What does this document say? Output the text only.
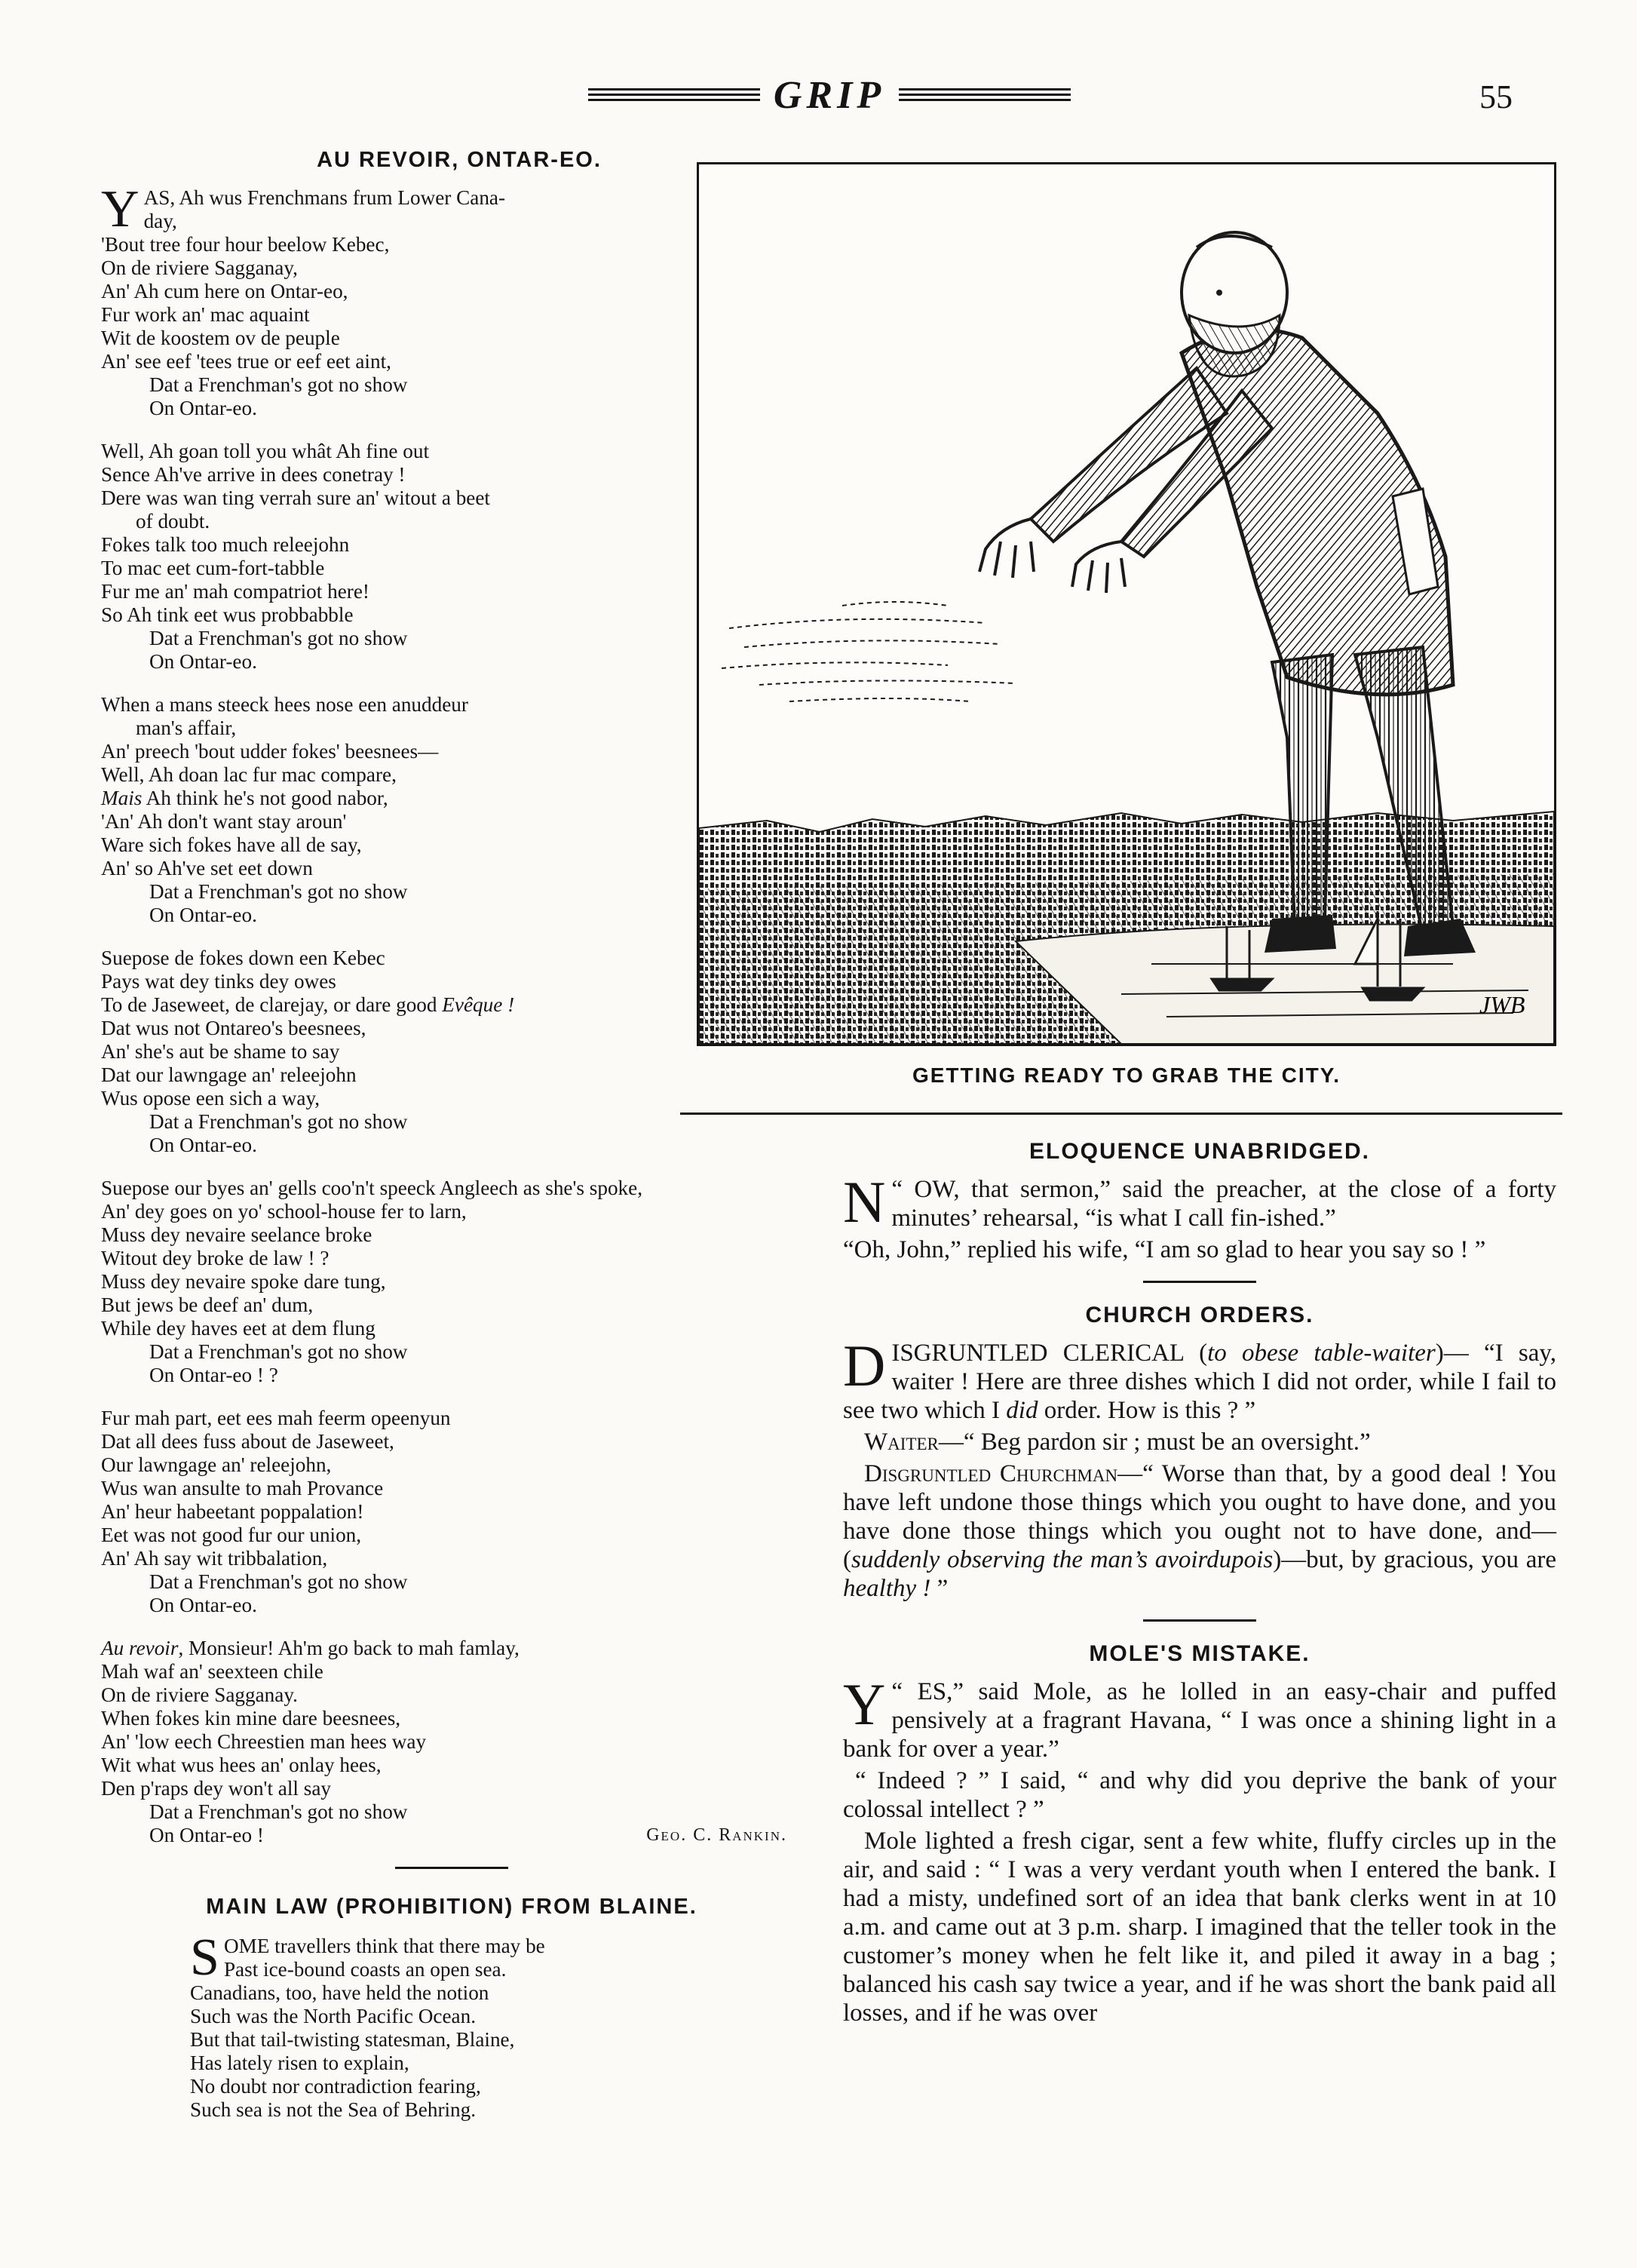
GRIP	55
AU REVOIR, ONTAR-EO.
YAS, Ah wus Frenchmans frum Lower Cana-
day,
'Bout tree four hour beelow Kebec,
On de riviere Sagganay,
An' Ah cum here on Ontar-eo,
Fur work an' mac aquaint
Wit de koostem ov de peuple
An' see eef 'tees true or eef eet aint,
Dat a Frenchman's got no show
On Ontar-eo.
Well, Ah goan toll you whât Ah fine out
Sence Ah've arrive in dees conetray !
Dere was wan ting verrah sure an' witout a beet
of doubt.
Fokes talk too much releejohn
To mac eet cum-fort-tabble
Fur me an' mah compatriot here!
So Ah tink eet wus probbabble
Dat a Frenchman's got no show
On Ontar-eo.
When a mans steeck hees nose een anuddeur
man's affair,
An' preech 'bout udder fokes' beesnees—
Well, Ah doan lac fur mac compare,
Mais Ah think he's not good nabor,
'An' Ah don't want stay aroun'
Ware sich fokes have all de say,
An' so Ah've set eet down
Dat a Frenchman's got no show
On Ontar-eo.
Suepose de fokes down een Kebec
Pays wat dey tinks dey owes
To de Jaseweet, de clarejay, or dare good Evêque !
Dat wus not Ontareo's beesnees,
An' she's aut be shame to say
Dat our lawngage an' releejohn
Wus opose een sich a way,
Dat a Frenchman's got no show
On Ontar-eo.
Suepose our byes an' gells coo'n't speeck Angleech as she's spoke,
An' dey goes on yo' school-house fer to larn,
Muss dey nevaire seelance broke
Witout dey broke de law ! ?
Muss dey nevaire spoke dare tung,
But jews be deef an' dum,
While dey haves eet at dem flung
Dat a Frenchman's got no show
On Ontar-eo ! ?
Fur mah part, eet ees mah feerm opeenyun
Dat all dees fuss about de Jaseweet,
Our lawngage an' releejohn,
Wus wan ansulte to mah Provance
An' heur habeetant poppalation!
Eet was not good fur our union,
An' Ah say wit tribbalation,
Dat a Frenchman's got no show
On Ontar-eo.
Au revoir, Monsieur! Ah'm go back to mah famlay,
Mah waf an' seexteen chile
On de riviere Sagganay.
When fokes kin mine dare beesnees,
An' 'low eech Chreestien man hees way
Wit what wus hees an' onlay hees,
Den p'raps dey won't all say
Dat a Frenchman's got no show
On Ontar-eo !	Geo. C. Rankin.
MAIN LAW (PROHIBITION) FROM BLAINE.
SOME travellers think that there may be
Past ice-bound coasts an open sea.
Canadians, too, have held the notion
Such was the North Pacific Ocean.
But that tail-twisting statesman, Blaine,
Has lately risen to explain,
No doubt nor contradiction fearing,
Such sea is not the Sea of Behring.
JWB
GETTING READY TO GRAB THE CITY.
ELOQUENCE UNABRIDGED.

“
N OW, that sermon,” said the preacher, at the close of a forty minutes’ rehearsal, “is what I call fin-ished.”

“Oh, John,” replied his wife, “I am so glad to hear you say so ! ”

CHURCH ORDERS.

DISGRUNTLED CLERICAL (to obese table-waiter)— “I say, waiter ! Here are three dishes which I did not order, while I fail to see two which I did order. How is this ? ”

Waiter—“ Beg pardon sir ; must be an oversight.”

Disgruntled Churchman—“ Worse than that, by a good deal ! You have left undone those things which you ought to have done, and you have done those things which you ought not to have done, and—(suddenly observing the man’s avoirdupois)—but, by gracious, you are healthy ! ”

MOLE'S MISTAKE.

“
Y ES,” said Mole, as he lolled in an easy-chair and puffed pensively at a fragrant Havana, “ I was once a shining light in a bank for over a year.”

“ Indeed ? ” I said, “ and why did you deprive the bank of your colossal intellect ? ”

Mole lighted a fresh cigar, sent a few white, fluffy circles up in the air, and said : “ I was a very verdant youth when I entered the bank. I had a misty, undefined sort of an idea that bank clerks went in at 10 a.m. and came out at 3 p.m. sharp. I imagined that the teller took in the customer’s money when he felt like it, and piled it away in a bag ; balanced his cash say twice a year, and if he was short the bank paid all losses, and if he was over
